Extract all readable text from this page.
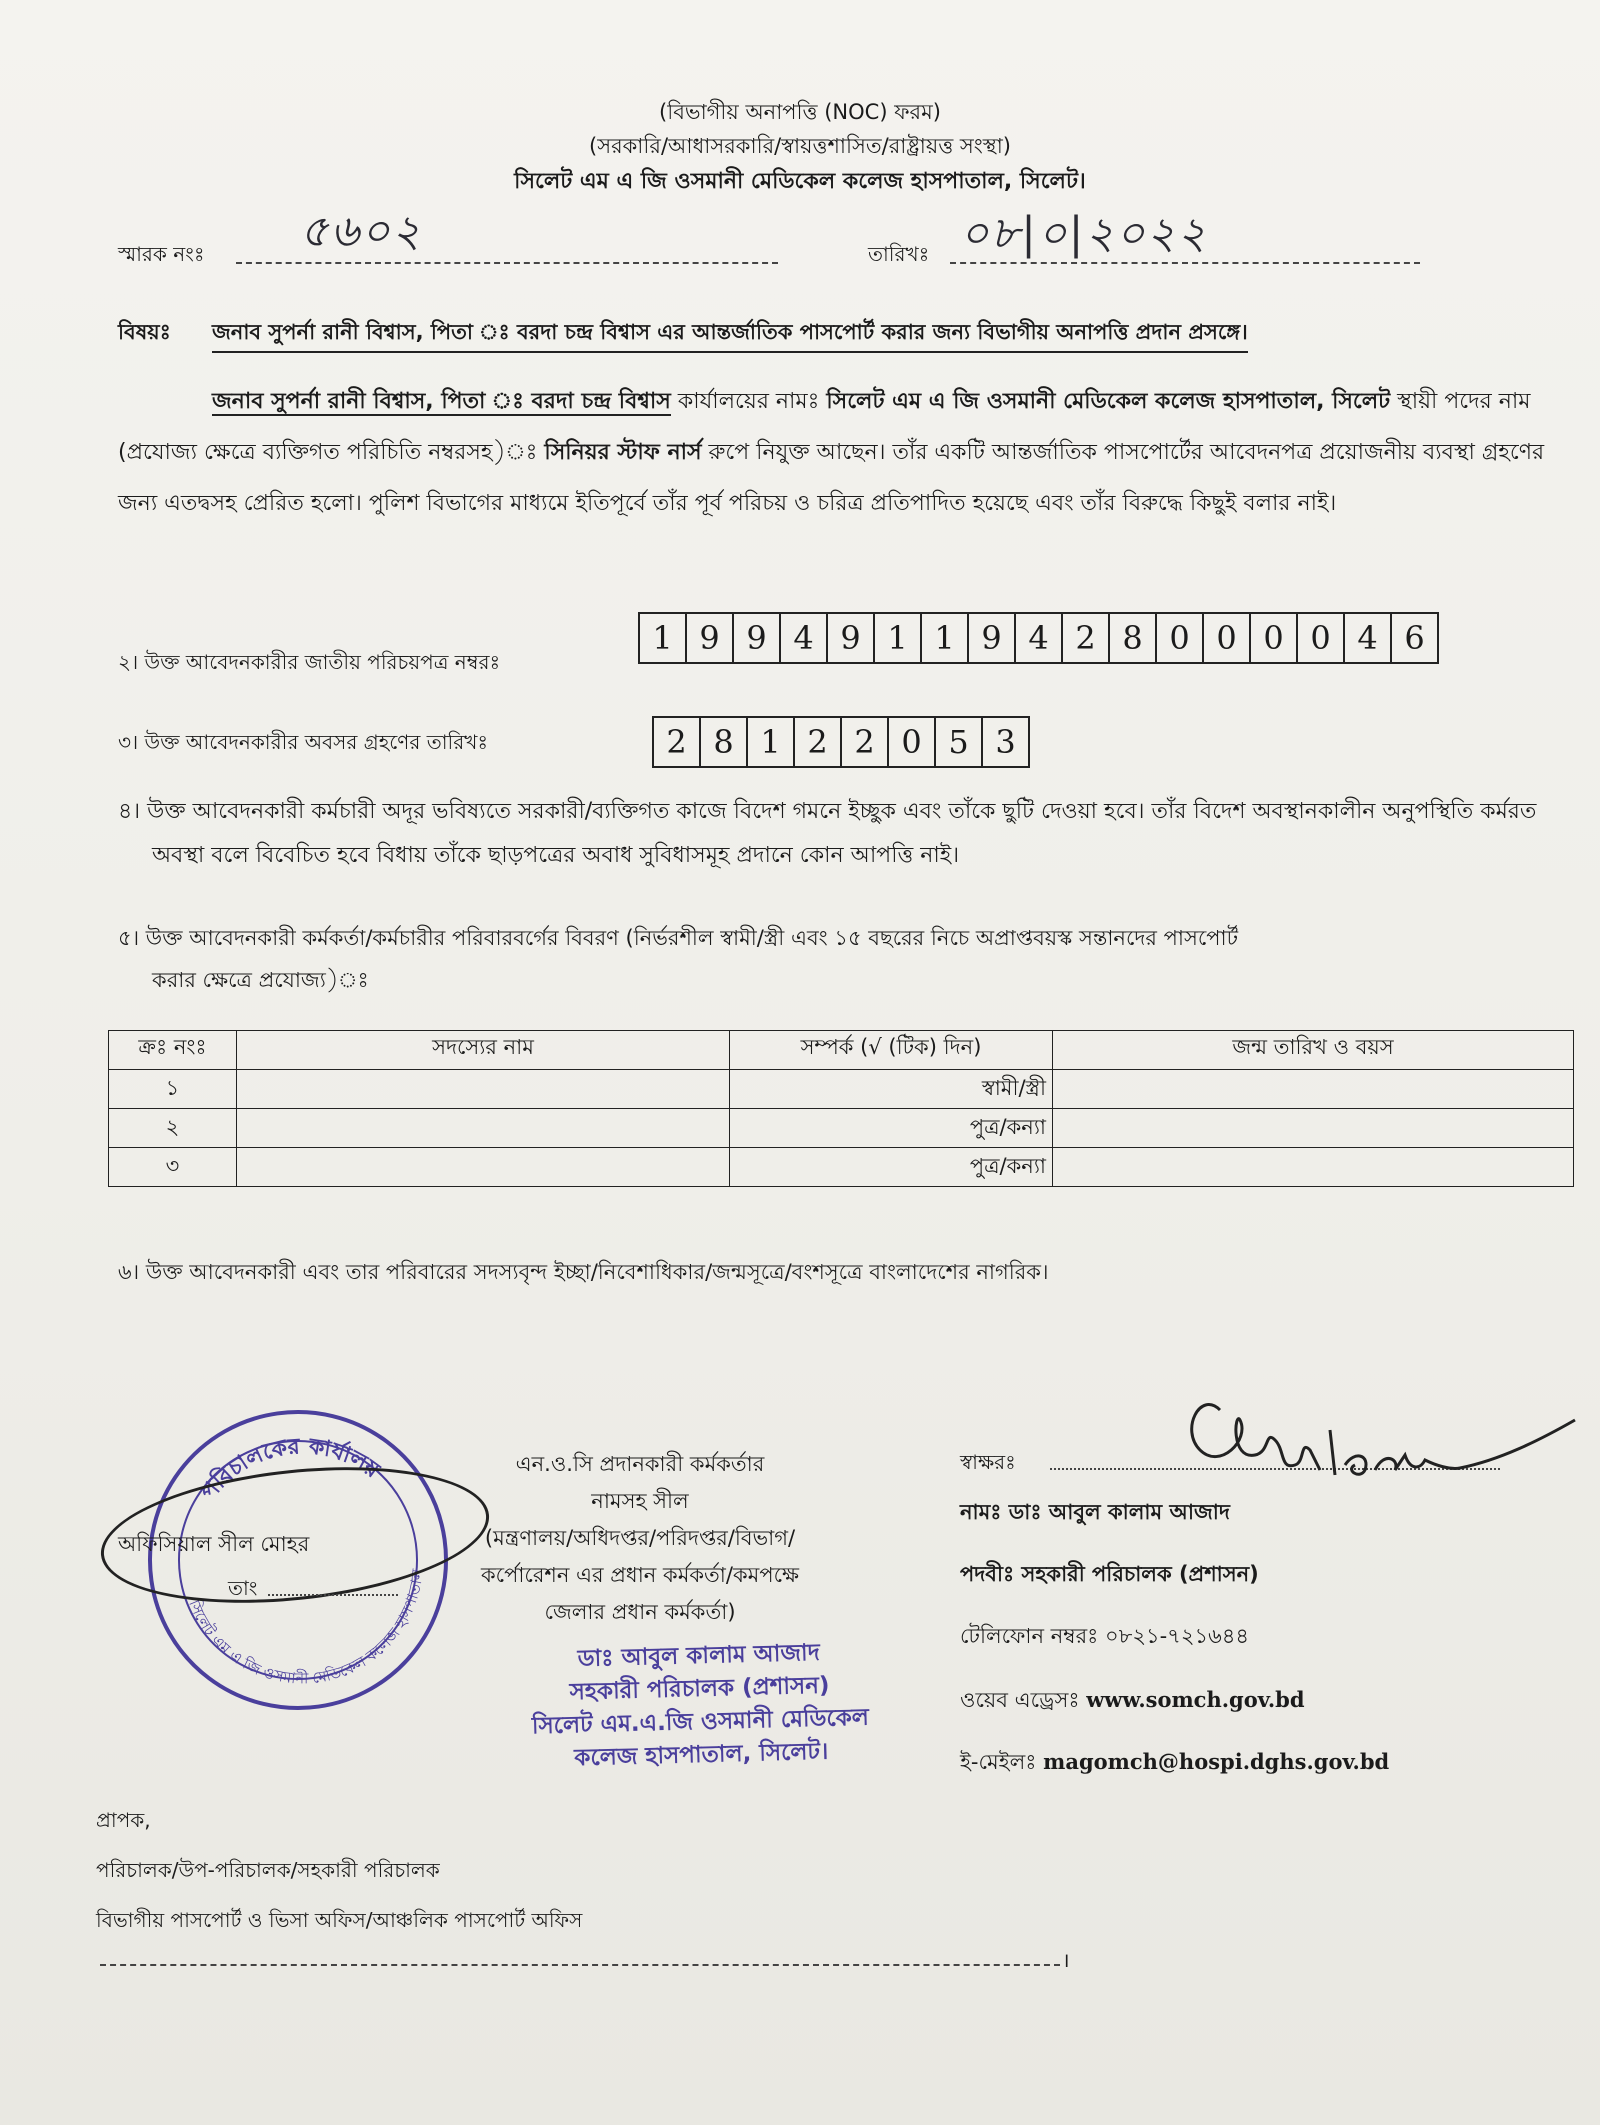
(বিভাগীয় অনাপত্তি (NOC) ফরম)
(সরকারি/আধাসরকারি/স্বায়ত্তশাসিত/রাষ্ট্রায়ত্ত সংস্থা)
সিলেট এম এ জি ওসমানী মেডিকেল কলেজ হাসপাতাল, সিলেট।
স্মারক নংঃ ৫৬০২	তারিখঃ ০৮|০|২০২২
বিষয়ঃ জনাব সুপর্না রানী বিশ্বাস, পিতা ঃ বরদা চন্দ্র বিশ্বাস এর আন্তর্জাতিক পাসপোর্ট করার জন্য বিভাগীয় অনাপত্তি প্রদান প্রসঙ্গে।
জনাব সুপর্না রানী বিশ্বাস, পিতা ঃ বরদা চন্দ্র বিশ্বাস কার্যালয়ের নামঃ সিলেট এম এ জি ওসমানী মেডিকেল কলেজ হাসপাতাল, সিলেট স্থায়ী পদের নাম (প্রযোজ্য ক্ষেত্রে ব্যক্তিগত পরিচিতি নম্বরসহ)ঃ সিনিয়র স্টাফ নার্স রুপে নিযুক্ত আছেন। তাঁর একটি আন্তর্জাতিক পাসপোর্টের আবেদনপত্র প্রয়োজনীয় ব্যবস্থা গ্রহণের জন্য এতদ্বসহ প্রেরিত হলো। পুলিশ বিভাগের মাধ্যমে ইতিপূর্বে তাঁর পূর্ব পরিচয় ও চরিত্র প্রতিপাদিত হয়েছে এবং তাঁর বিরুদ্ধে কিছুই বলার নাই।
২। উক্ত আবেদনকারীর জাতীয় পরিচয়পত্র নম্বরঃ
1 9 9 4 9 1 1 9 4 2 8 0 0 0 0 4 6
৩। উক্ত আবেদনকারীর অবসর গ্রহণের তারিখঃ	2 8 1 2 2 0 5 3
৪। উক্ত আবেদনকারী কর্মচারী অদূর ভবিষ্যতে সরকারী/ব্যক্তিগত কাজে বিদেশ গমনে ইচ্ছুক এবং তাঁকে ছুটি দেওয়া হবে। তাঁর বিদেশ অবস্থানকালীন অনুপস্থিতি কর্মরত অবস্থা বলে বিবেচিত হবে বিধায় তাঁকে ছাড়পত্রের অবাধ সুবিধাসমূহ প্রদানে কোন আপত্তি নাই।
৫। উক্ত আবেদনকারী কর্মকর্তা/কর্মচারীর পরিবারবর্গের বিবরণ (নির্ভরশীল স্বামী/স্ত্রী এবং ১৫ বছরের নিচে অপ্রাপ্তবয়স্ক সন্তানদের পাসপোর্ট
করার ক্ষেত্রে প্রযোজ্য)ঃ
ক্রঃ নংঃ	সদস্যের নাম	সম্পর্ক (√ (টিক) দিন)	জন্ম তারিখ ও বয়স
১		স্বামী/স্ত্রী	
২		পুত্র/কন্যা	
৩		পুত্র/কন্যা	
৬। উক্ত আবেদনকারী এবং তার পরিবারের সদস্যবৃন্দ ইচ্ছা/নিবেশাধিকার/জন্মসূত্রে/বংশসূত্রে বাংলাদেশের নাগরিক।
পরিচালকের কার্যালয়
সিলেট এম এ জি ওসমানী মেডিকেল কলেজ হাসপাতাল
অফিসিয়াল সীল মোহর
তাং
এন.ও.সি প্রদানকারী কর্মকর্তার
নামসহ সীল
(মন্ত্রণালয়/অধিদপ্তর/পরিদপ্তর/বিভাগ/
কর্পোরেশন এর প্রধান কর্মকর্তা/কমপক্ষে
জেলার প্রধান কর্মকর্তা)
ডাঃ আবুল কালাম আজাদ
সহকারী পরিচালক (প্রশাসন)
সিলেট এম.এ.জি ওসমানী মেডিকেল
কলেজ হাসপাতাল, সিলেট।
স্বাক্ষরঃ
নামঃ ডাঃ আবুল কালাম আজাদ
পদবীঃ সহকারী পরিচালক (প্রশাসন)
টেলিফোন নম্বরঃ ০৮২১-৭২১৬৪৪
ওয়েব এড্রেসঃ www.somch.gov.bd
ই-মেইলঃ magomch@hospi.dghs.gov.bd
প্রাপক,
পরিচালক/উপ-পরিচালক/সহকারী পরিচালক
বিভাগীয় পাসপোর্ট ও ভিসা অফিস/আঞ্চলিক পাসপোর্ট অফিস
।
